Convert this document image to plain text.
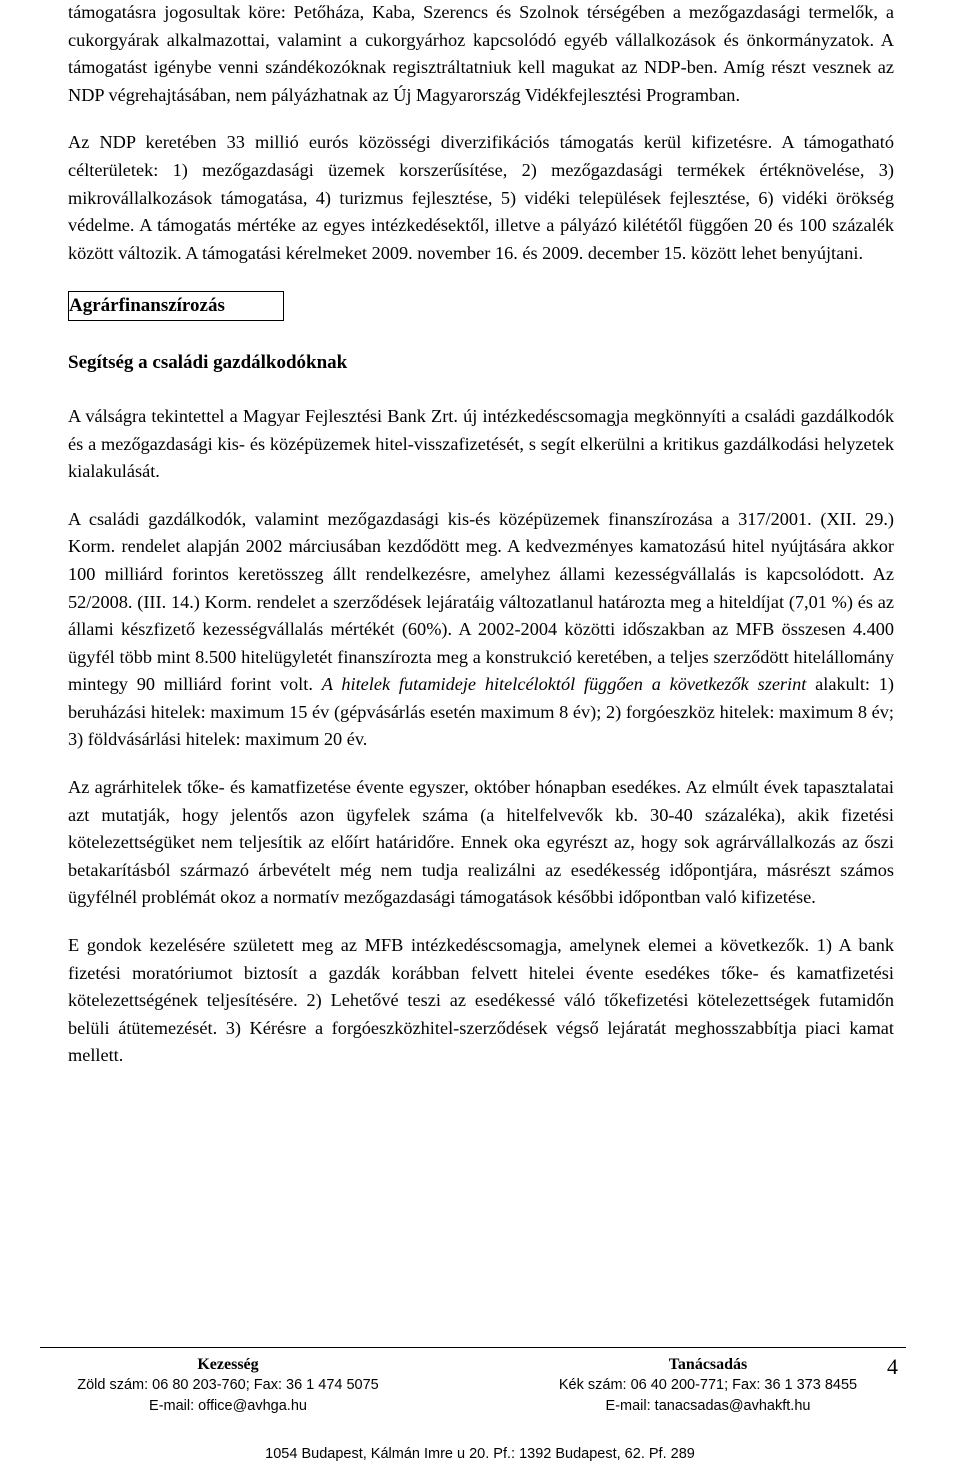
támogatásra jogosultak köre: Petőháza, Kaba, Szerencs és Szolnok térségében a mezőgazdasági termelők, a cukorgyárak alkalmazottai, valamint a cukorgyárhoz kapcsolódó egyéb vállalkozások és önkormányzatok. A támogatást igénybe venni szándékozóknak regisztráltatniuk kell magukat az NDP-ben. Amíg részt vesznek az NDP végrehajtásában, nem pályázhatnak az Új Magyarország Vidékfejlesztési Programban.

Az NDP keretében 33 millió eurós közösségi diverzifikációs támogatás kerül kifizetésre. A támogatható célterületek: 1) mezőgazdasági üzemek korszerűsítése, 2) mezőgazdasági termékek értéknövelése, 3) mikrovállalkozások támogatása, 4) turizmus fejlesztése, 5) vidéki települések fejlesztése, 6) vidéki örökség védelme. A támogatás mértéke az egyes intézkedésektől, illetve a pályázó kilététől függően 20 és 100 százalék között változik. A támogatási kérelmeket 2009. november 16. és 2009. december 15. között lehet benyújtani.

Agrárfinanszírozás

Segítség a családi gazdálkodóknak

A válságra tekintettel a Magyar Fejlesztési Bank Zrt. új intézkedéscsomagja megkönnyíti a családi gazdálkodók és a mezőgazdasági kis- és középüzemek hitel-visszafizetését, s segít elkerülni a kritikus gazdálkodási helyzetek kialakulását.

A családi gazdálkodók, valamint mezőgazdasági kis-és középüzemek finanszírozása a 317/2001. (XII. 29.) Korm. rendelet alapján 2002 márciusában kezdődött meg. A kedvezményes kamatozású hitel nyújtására akkor 100 milliárd forintos keretösszeg állt rendelkezésre, amelyhez állami kezességvállalás is kapcsolódott. Az 52/2008. (III. 14.) Korm. rendelet a szerződések lejáratáig változatlanul határozta meg a hiteldíjat (7,01 %) és az állami készfizető kezességvállalás mértékét (60%). A 2002-2004 közötti időszakban az MFB összesen 4.400 ügyfél több mint 8.500 hitelügyletét finanszírozta meg a konstrukció keretében, a teljes szerződött hitelállomány mintegy 90 milliárd forint volt. A hitelek futamideje hitelcéloktól függően a következők szerint alakult: 1) beruházási hitelek: maximum 15 év (gépvásárlás esetén maximum 8 év); 2) forgóeszköz hitelek: maximum 8 év; 3) földvásárlási hitelek: maximum 20 év.

Az agrárhitelek tőke- és kamatfizetése évente egyszer, október hónapban esedékes. Az elmúlt évek tapasztalatai azt mutatják, hogy jelentős azon ügyfelek száma (a hitelfelvevők kb. 30-40 százaléka), akik fizetési kötelezettségüket nem teljesítik az előírt határidőre. Ennek oka egyrészt az, hogy sok agrárvállalkozás az őszi betakarításból származó árbevételt még nem tudja realizálni az esedékesség időpontjára, másrészt számos ügyfélnél problémát okoz a normatív mezőgazdasági támogatások későbbi időpontban való kifizetése.

E gondok kezelésére született meg az MFB intézkedéscsomagja, amelynek elemei a következők. 1) A bank fizetési moratóriumot biztosít a gazdák korábban felvett hitelei évente esedékes tőke- és kamatfizetési kötelezettségének teljesítésére. 2) Lehetővé teszi az esedékessé váló tőkefizetési kötelezettségek futamidőn belüli átütemezését. 3) Kérésre a forgóeszközhitel-szerződések végső lejáratát meghosszabbítja piaci kamat mellett.

Kezesség
Zöld szám: 06 80 203-760; Fax: 36 1 474 5075
E-mail: office@avhga.hu
Tanácsadás
Kék szám: 06 40 200-771; Fax: 36 1 373 8455
E-mail: tanacsadas@avhakft.hu
4
1054 Budapest, Kálmán Imre u 20. Pf.: 1392 Budapest, 62. Pf. 289
